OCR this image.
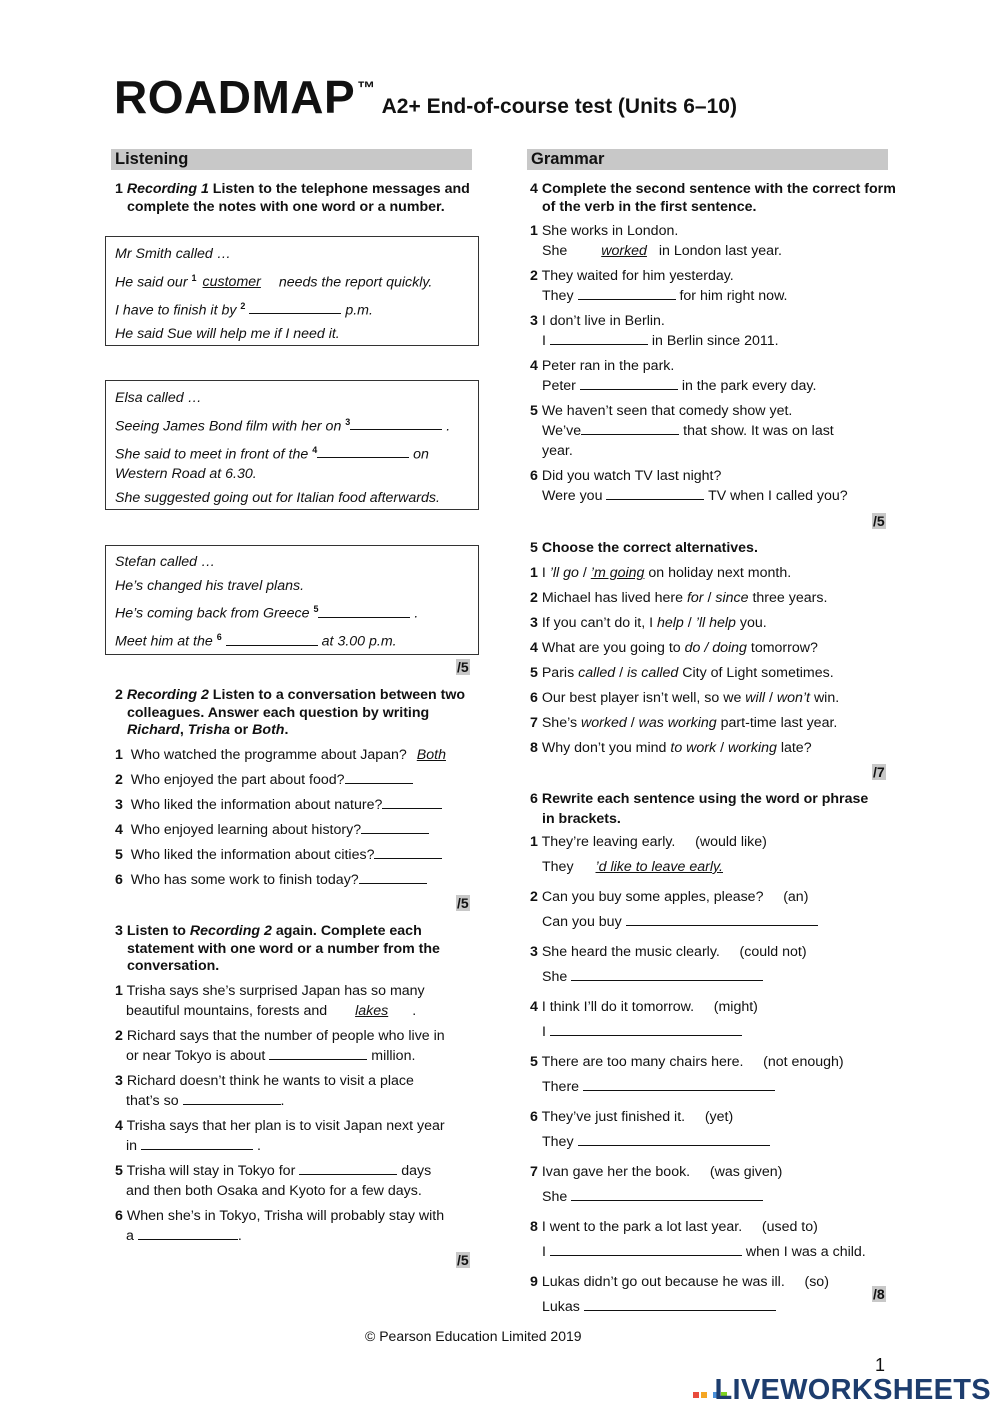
ROADMAP ™ A2+ End-of-course test (Units 6–10)
Listening
1 Recording 1 Listen to the telephone messages and complete the notes with one word or a number.
Mr Smith called …
He said our $^1$ customer needs the report quickly.
I have to finish it by $^2$	p.m.
He said Sue will help me if I need it.
Elsa called …
Seeing James Bond film with her on $^3$	.
She said to meet in front of the $^4$	on
Western Road at 6.30.
She suggested going out for Italian food afterwards.
Stefan called …
He’s changed his travel plans.
He’s coming back from Greece $^5$	.
Meet him at the $^6$	at 3.00 p.m.
/5
2 Recording 2 Listen to a conversation between two colleagues. Answer each question by writing Richard, Trisha or Both.
1 Who watched the programme about Japan? Both
2 Who enjoyed the part about food?
3 Who liked the information about nature?
4 Who enjoyed learning about history?
5 Who liked the information about cities?
6 Who has some work to finish today?
/5
3 Listen to Recording 2 again. Complete each statement with one word or a number from the conversation.
1 Trisha says she’s surprised Japan has so many
beautiful mountains, forests and lakes .
2 Richard says that the number of people who live in
or near Tokyo is about	million.
3 Richard doesn’t think he wants to visit a place
that’s so	.
4 Trisha says that her plan is to visit Japan next year
in	.
5 Trisha will stay in Tokyo for	days
and then both Osaka and Kyoto for a few days.
6 When she’s in Tokyo, Trisha will probably stay with
a	.
/5
Grammar
4 Complete the second sentence with the correct form of the verb in the first sentence.
1 She works in London.
She worked in London last year.
2 They waited for him yesterday.
They	for him right now.
3 I don’t live in Berlin.
I	in Berlin since 2011.
4 Peter ran in the park.
Peter	in the park every day.
5 We haven’t seen that comedy show yet.
We’ve	that show. It was on last
year.
6 Did you watch TV last night?
Were you	TV when I called you?
/5
5 Choose the correct alternatives.
1 I ’ll go / ’m going on holiday next month.
2 Michael has lived here for / since three years.
3 If you can’t do it, I help / ’ll help you.
4 What are you going to do / doing tomorrow?
5 Paris called / is called City of Light sometimes.
6 Our best player isn’t well, so we will / won’t win.
7 She’s worked / was working part-time last year.
8 Why don’t you mind to work / working late?
/7
6 Rewrite each sentence using the word or phrase in brackets.
1 They’re leaving early. (would like)
They ’d like to leave early.
2 Can you buy some apples, please? (an)
Can you buy
3 She heard the music clearly. (could not)
She
4 I think I’ll do it tomorrow. (might)
I
5 There are too many chairs here. (not enough)
There
6 They’ve just finished it. (yet)
They
7 Ivan gave her the book. (was given)
She
8 I went to the park a lot last year. (used to)
I	when I was a child.
9 Lukas didn’t go out because he was ill. (so)
Lukas
/8
© Pearson Education Limited 2019
1
LIVEWORKSHEETS
